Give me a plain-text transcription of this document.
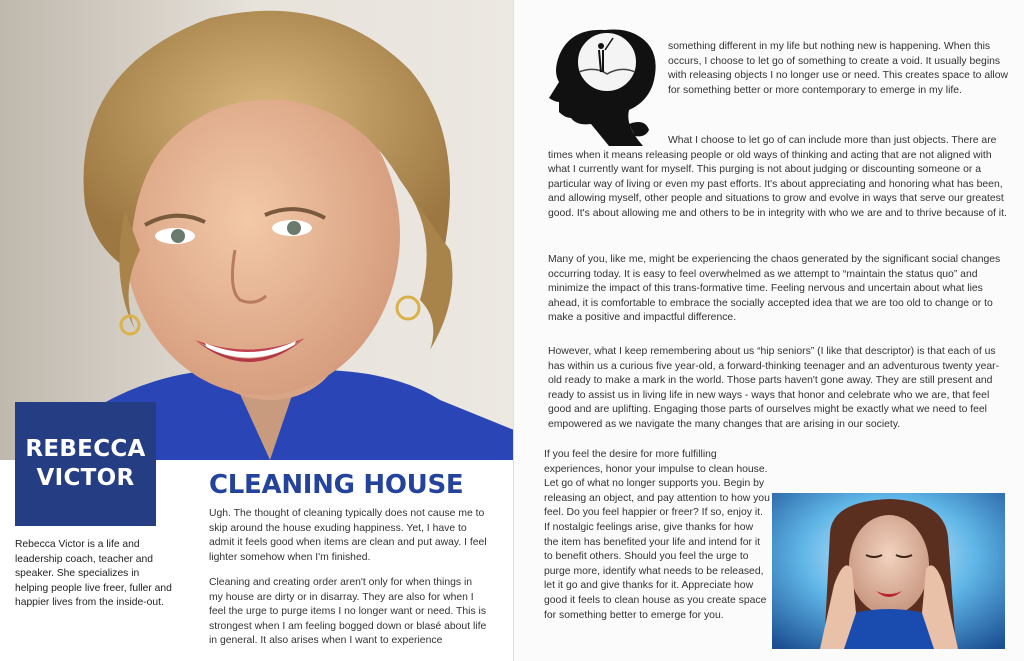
REBECCA
VICTOR

Rebecca Victor is a life and leadership coach, teacher and speaker. She specializes in helping people live freer, fuller and happier lives from the inside-out.

CLEANING HOUSE

Ugh. The thought of cleaning typically does not cause me to skip around the house exuding happiness. Yet, I have to admit it feels good when items are clean and put away. I feel lighter somehow when I'm finished.

Cleaning and creating order aren't only for when things in my house are dirty or in disarray. They are also for when I feel the urge to purge items I no longer want or need. This is strongest when I am feeling bogged down or blasé about life in general. It also arises when I want to experience

something different in my life but nothing new is happening. When this occurs, I choose to let go of something to create a void. It usually begins with releasing objects I no longer use or need. This creates space to allow for something better or more contemporary to emerge in my life.

What I choose to let go of can include more than just objects. There are times when it means releasing people or old ways of thinking and acting that are not aligned with what I currently want for myself. This purging is not about judging or discounting someone or a particular way of living or even my past efforts. It's about appreciating and honoring what has been, and allowing myself, other people and situations to grow and evolve in ways that serve our greatest good. It's about allowing me and others to be in integrity with who we are and to thrive because of it.

Many of you, like me, might be experiencing the chaos generated by the significant social changes occurring today. It is easy to feel overwhelmed as we attempt to “maintain the status quo” and minimize the impact of this trans-formative time. Feeling nervous and uncertain about what lies ahead, it is comfortable to embrace the socially accepted idea that we are too old to change or to make a positive and impactful difference.

However, what I keep remembering about us “hip seniors” (I like that descriptor) is that each of us has within us a curious five year-old, a forward-thinking teenager and an adventurous twenty year-old ready to make a mark in the world. Those parts haven't gone away. They are still present and ready to assist us in living life in new ways - ways that honor and celebrate who we are, that feel good and are uplifting. Engaging those parts of ourselves might be exactly what we need to feel empowered as we navigate the many changes that are arising in our society.

If you feel the desire for more fulfilling experiences, honor your impulse to clean house. Let go of what no longer supports you. Begin by releasing an object, and pay attention to how you feel. Do you feel happier or freer? If so, enjoy it. If nostalgic feelings arise, give thanks for how the item has benefited your life and intend for it to benefit others. Should you feel the urge to purge more, identify what needs to be released, let it go and give thanks for it. Appreciate how good it feels to clean house as you create space for something better to emerge for you.
